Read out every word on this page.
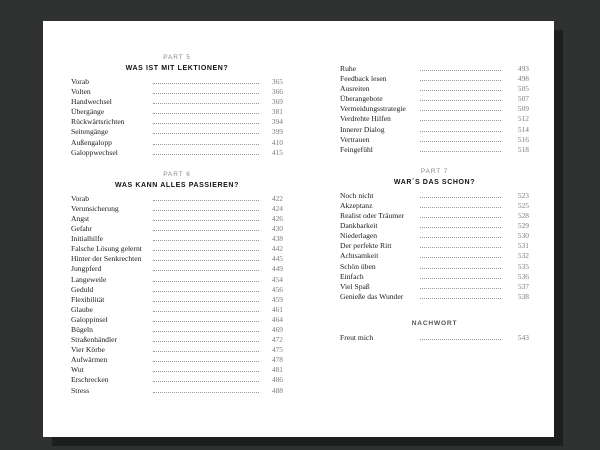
PART 5
WAS IST MIT LEKTIONEN?
Vorab	365
Volten	366
Handwechsel	369
Übergänge	381
Rückwärtsrichten	394
Seitengänge	399
Außengalopp	410
Galoppwechsel	415
PART 6
WAS KANN ALLES PASSIEREN?
Vorab	422
Verunsicherung	424
Angst	426
Gefahr	430
Initialhilfe	438
Falsche Lösung gelernt	442
Hinter der Senkrechten	445
Jungpferd	449
Langeweile	454
Geduld	456
Flexibilität	459
Glaube	461
Galoppinsel	464
Bügeln	469
Straßenhändler	472
Vier Körbe	475
Aufwärmen	478
Wut	481
Erschrecken	486
Stress	488
Ruhe	493
Feedback lesen	498
Ausreiten	505
Überangebote	507
Vermeidungsstrategie	509
Verdrehte Hilfen	512
Innerer Dialog	514
Vertrauen	516
Feingefühl	518
PART 7
WAR´S DAS SCHON?
Noch nicht	523
Akzeptanz	525
Realist oder Träumer	528
Dankbarkeit	529
Niederlagen	530
Der perfekte Ritt	531
Achtsamkeit	532
Schön üben	535
Einfach	536
Viel Spaß	537
Genieße das Wunder	538
NACHWORT
Freut mich	543
